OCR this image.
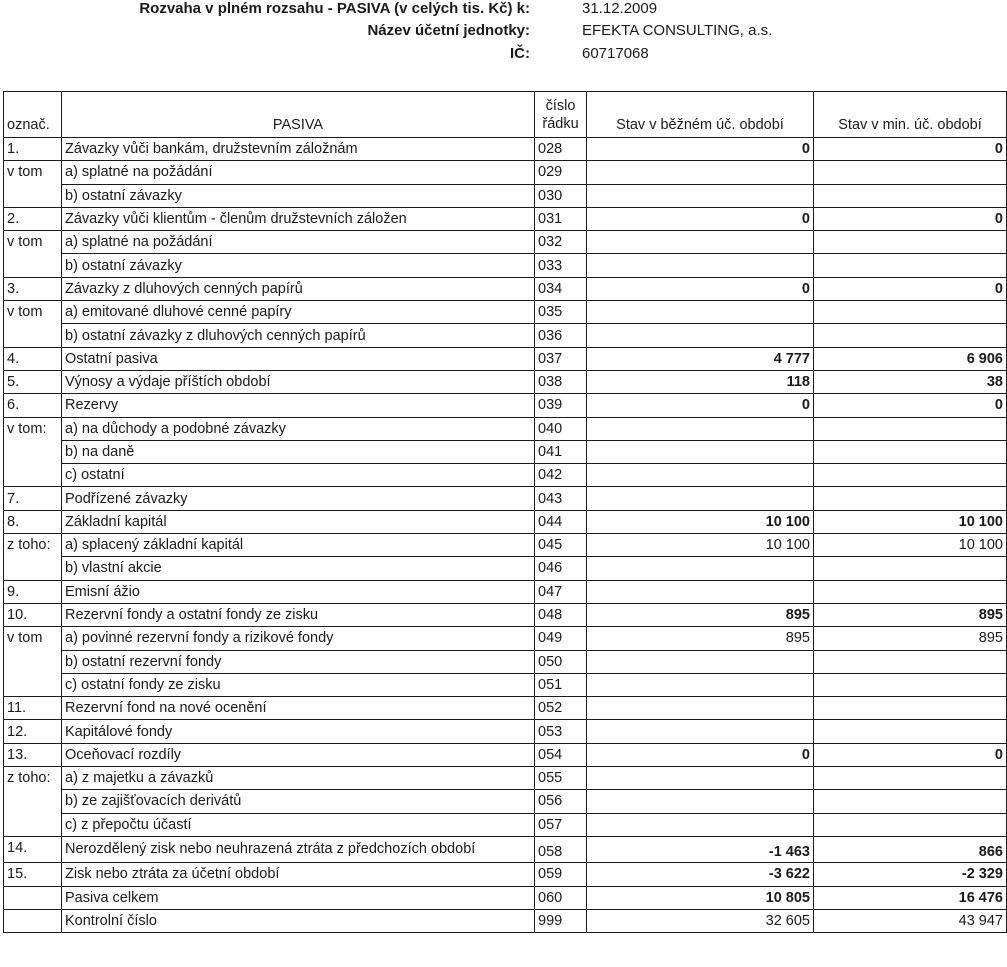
Rozvaha v plném rozsahu - PASIVA (v celých tis. Kč) k:	31.12.2009
Název účetní jednotky:	EFEKTA CONSULTING, a.s.
IČ:	60717068
označ.	PASIVA	číslo řádku	Stav v běžném úč. období	Stav v min. úč. období
1.	Závazky vůči bankám, družstevním záložnám	028	0	0
v tom	a) splatné na požádání	029		
	b) ostatní závazky	030		
2.	Závazky vůči klientům - členům družstevních záložen	031	0	0
v tom	a) splatné na požádání	032		
	b) ostatní závazky	033		
3.	Závazky z dluhových cenných papírů	034	0	0
v tom	a) emitované dluhové cenné papíry	035		
	b) ostatní závazky z dluhových cenných papírů	036		
4.	Ostatní pasiva	037	4 777	6 906
5.	Výnosy a výdaje příštích období	038	118	38
6.	Rezervy	039	0	0
v tom:	a) na důchody a podobné závazky	040		
	b) na daně	041		
	c) ostatní	042		
7.	Podřízené závazky	043		
8.	Základní kapitál	044	10 100	10 100
z toho:	a) splacený základní kapitál	045	10 100	10 100
	b) vlastní akcie	046		
9.	Emisní ážio	047		
10.	Rezervní fondy a ostatní fondy ze zisku	048	895	895
v tom	a) povinné rezervní fondy a rizikové fondy	049	895	895
	b) ostatní rezervní fondy	050		
	c) ostatní fondy ze zisku	051		
11.	Rezervní fond na nové ocenění	052		
12.	Kapitálové fondy	053		
13.	Oceňovací rozdíly	054	0	0
z toho:	a) z majetku a závazků	055		
	b) ze zajišťovacích derivátů	056		
	c) z přepočtu účastí	057		
14.	Nerozdělený zisk nebo neuhrazená ztráta z předchozích období	058	-1 463	866
15.	Zisk nebo ztráta za účetní období	059	-3 622	-2 329
	Pasiva celkem	060	10 805	16 476
	Kontrolní číslo	999	32 605	43 947
